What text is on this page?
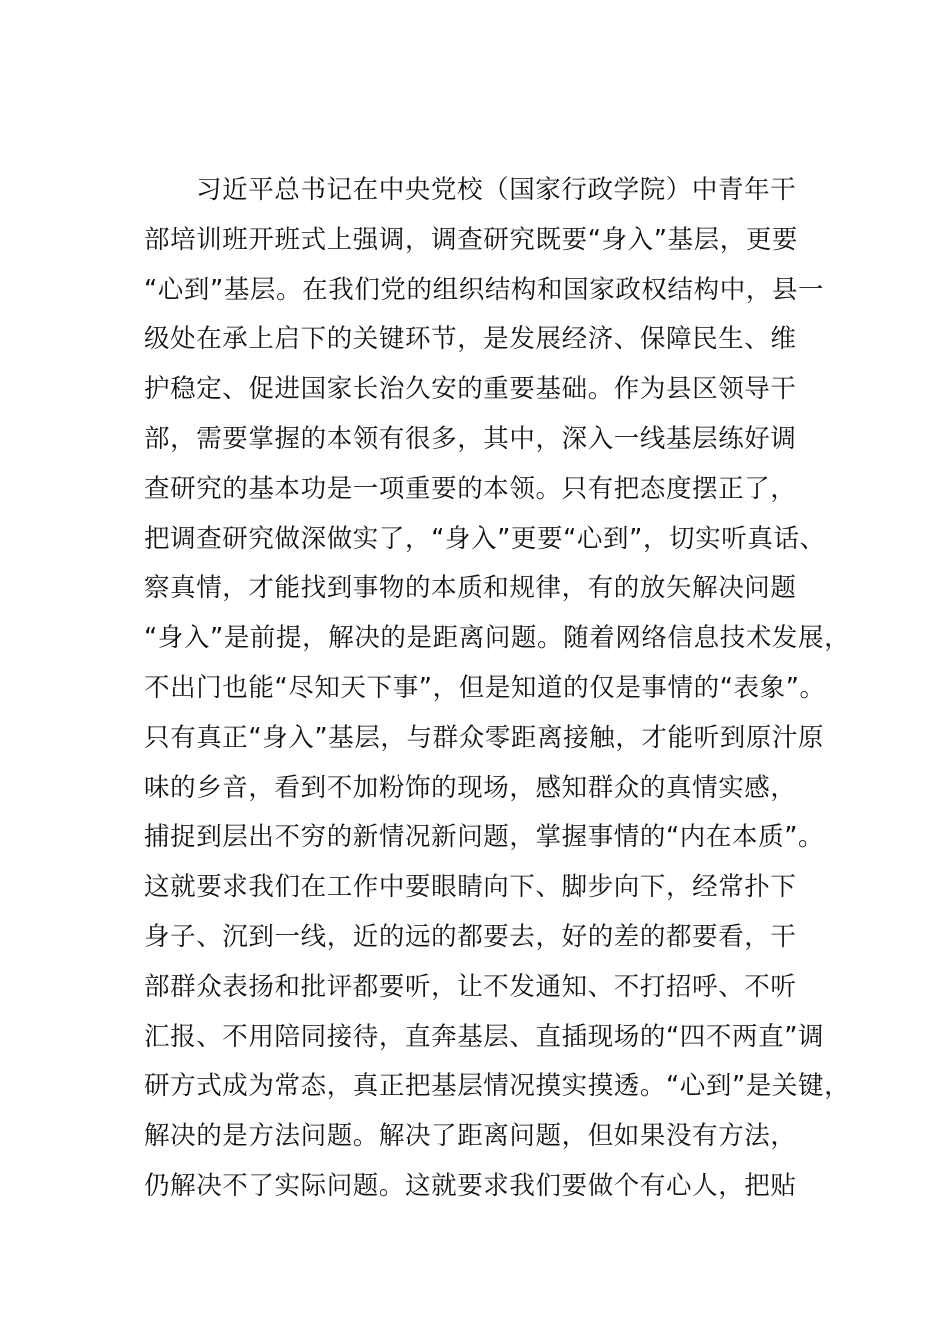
习近平总书记在中央党校（国家行政学院）中青年干
部培训班开班式上强调，调查研究既要“身入”基层，更要
“心到”基层。在我们党的组织结构和国家政权结构中，县一
级处在承上启下的关键环节，是发展经济、保障民生、维
护稳定、促进国家长治久安的重要基础。作为县区领导干
部，需要掌握的本领有很多，其中，深入一线基层练好调
查研究的基本功是一项重要的本领。只有把态度摆正了，
把调查研究做深做实了，“身入”更要“心到”，切实听真话、
察真情，才能找到事物的本质和规律，有的放矢解决问题
“身入”是前提，解决的是距离问题。随着网络信息技术发展，
不出门也能“尽知天下事”，但是知道的仅是事情的“表象”。
只有真正“身入”基层，与群众零距离接触，才能听到原汁原
味的乡音，看到不加粉饰的现场，感知群众的真情实感，
捕捉到层出不穷的新情况新问题，掌握事情的“内在本质”。
这就要求我们在工作中要眼睛向下、脚步向下，经常扑下
身子、沉到一线，近的远的都要去，好的差的都要看，干
部群众表扬和批评都要听，让不发通知、不打招呼、不听
汇报、不用陪同接待，直奔基层、直插现场的“四不两直”调
研方式成为常态，真正把基层情况摸实摸透。“心到”是关键，
解决的是方法问题。解决了距离问题，但如果没有方法，
仍解决不了实际问题。这就要求我们要做个有心人，把贴
